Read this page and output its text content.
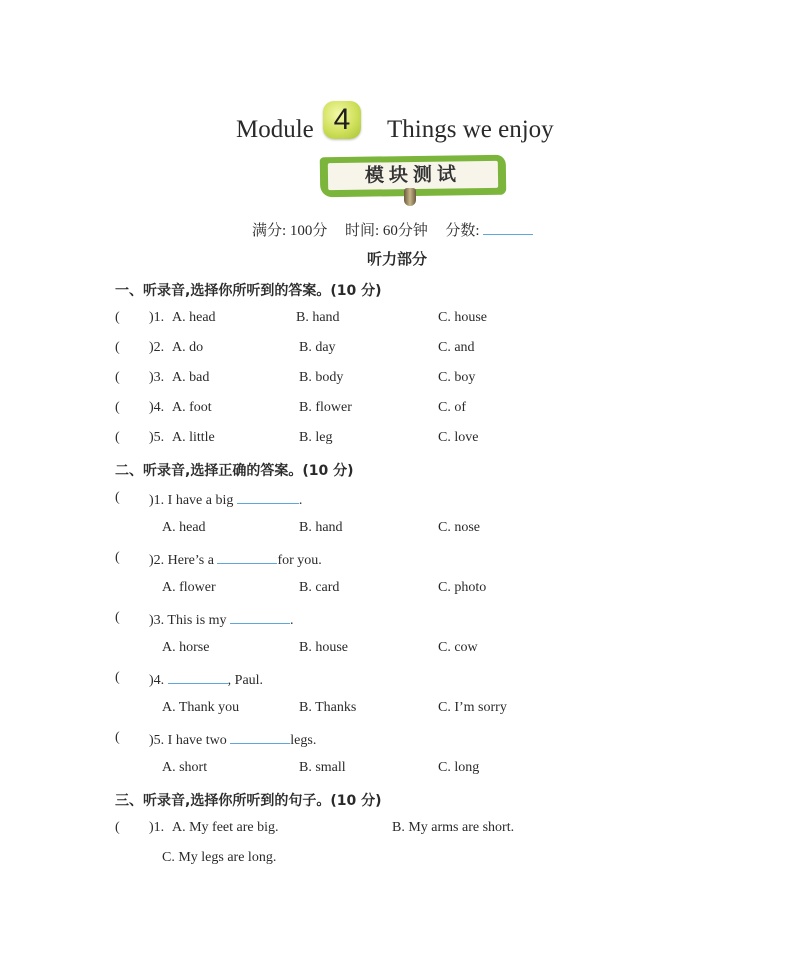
Module 4	Things we enjoy
模块测试
满分: 100分 时间: 60分钟 分数:
听力部分
一、听录音,选择你所听到的答案。(10 分)
( )1. A. head	B. hand	C. house
( )2. A. do	B. day	C. and
( )3. A. bad	B. body	C. boy
( )4. A. foot	B. flower	C. of
( )5. A. little	B. leg	C. love
二、听录音,选择正确的答案。(10 分)
( )1. I have a big	.
A. head	B. hand	C. nose
( )2. Here’s a	for you.
A. flower	B. card	C. photo
( )3. This is my	.
A. horse	B. house	C. cow
( )4.	, Paul.
A. Thank you	B. Thanks	C. I’m sorry
( )5. I have two	legs.
A. short	B. small	C. long
三、听录音,选择你所听到的句子。(10 分)
( )1. A. My feet are big.	B. My arms are short.
C. My legs are long.
